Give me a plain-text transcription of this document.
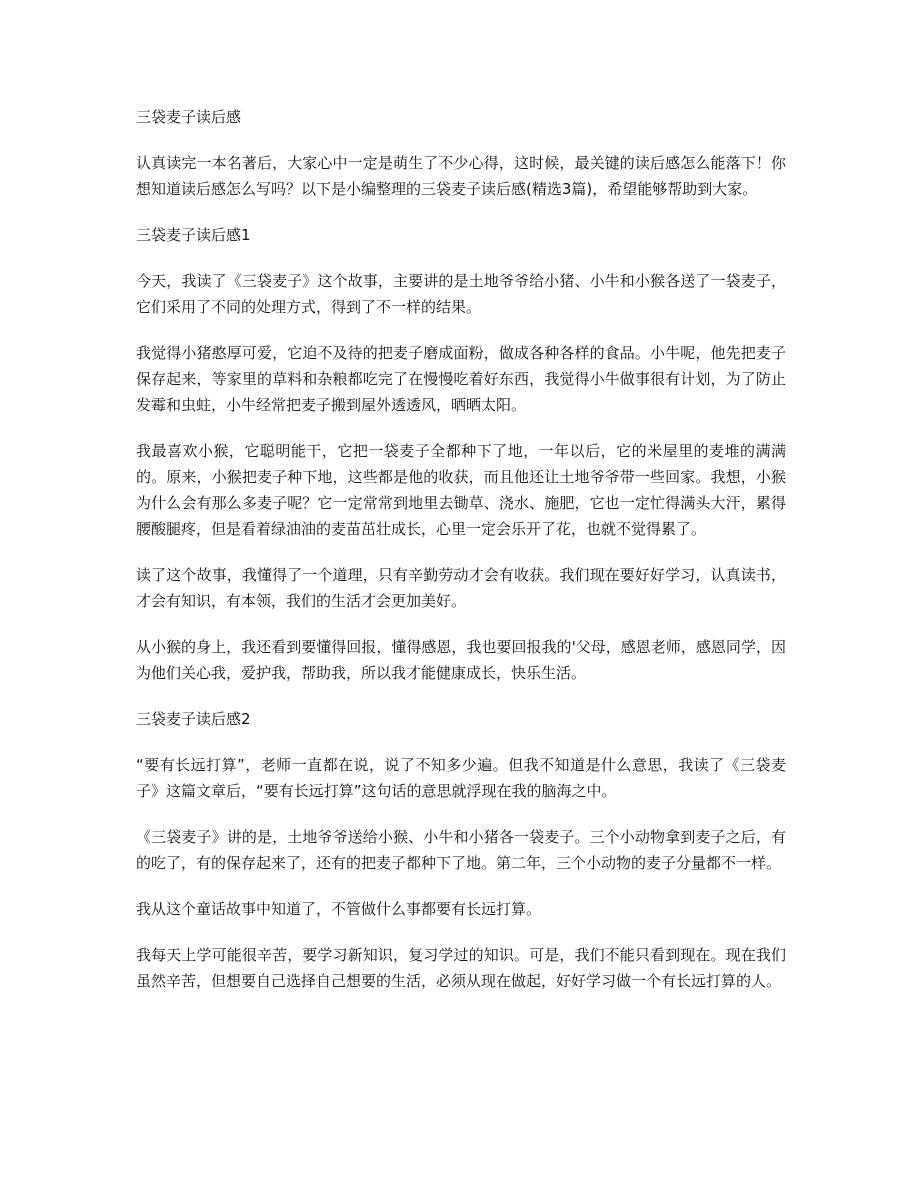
三袋麦子读后感
认真读完一本名著后，大家心中一定是萌生了不少心得，这时候，最关键的读后感怎么能落下！你想知道读后感怎么写吗？以下是小编整理的三袋麦子读后感(精选3篇)，希望能够帮助到大家。
三袋麦子读后感1
今天，我读了《三袋麦子》这个故事，主要讲的是土地爷爷给小猪、小牛和小猴各送了一袋麦子，它们采用了不同的处理方式，得到了不一样的结果。
我觉得小猪憨厚可爱，它迫不及待的把麦子磨成面粉，做成各种各样的食品。小牛呢，他先把麦子保存起来，等家里的草料和杂粮都吃完了在慢慢吃着好东西，我觉得小牛做事很有计划，为了防止发霉和虫蛀，小牛经常把麦子搬到屋外透透风，晒晒太阳。
我最喜欢小猴，它聪明能干，它把一袋麦子全都种下了地，一年以后，它的米屋里的麦堆的满满的。原来，小猴把麦子种下地，这些都是他的收获，而且他还让土地爷爷带一些回家。我想，小猴为什么会有那么多麦子呢？它一定常常到地里去锄草、浇水、施肥，它也一定忙得满头大汗，累得腰酸腿疼，但是看着绿油油的麦苗茁壮成长，心里一定会乐开了花，也就不觉得累了。
读了这个故事，我懂得了一个道理，只有辛勤劳动才会有收获。我们现在要好好学习，认真读书，才会有知识，有本领，我们的生活才会更加美好。
从小猴的身上，我还看到要懂得回报，懂得感恩，我也要回报我的'父母，感恩老师，感恩同学，因为他们关心我，爱护我，帮助我，所以我才能健康成长，快乐生活。
三袋麦子读后感2
“要有长远打算”，老师一直都在说，说了不知多少遍。但我不知道是什么意思，我读了《三袋麦子》这篇文章后，“要有长远打算”这句话的意思就浮现在我的脑海之中。
《三袋麦子》讲的是，土地爷爷送给小猴、小牛和小猪各一袋麦子。三个小动物拿到麦子之后，有的吃了，有的保存起来了，还有的把麦子都种下了地。第二年，三个小动物的麦子分量都不一样。
我从这个童话故事中知道了，不管做什么事都要有长远打算。
我每天上学可能很辛苦，要学习新知识，复习学过的知识。可是，我们不能只看到现在。现在我们虽然辛苦，但想要自己选择自己想要的生活，必须从现在做起，好好学习做一个有长远打算的人。
